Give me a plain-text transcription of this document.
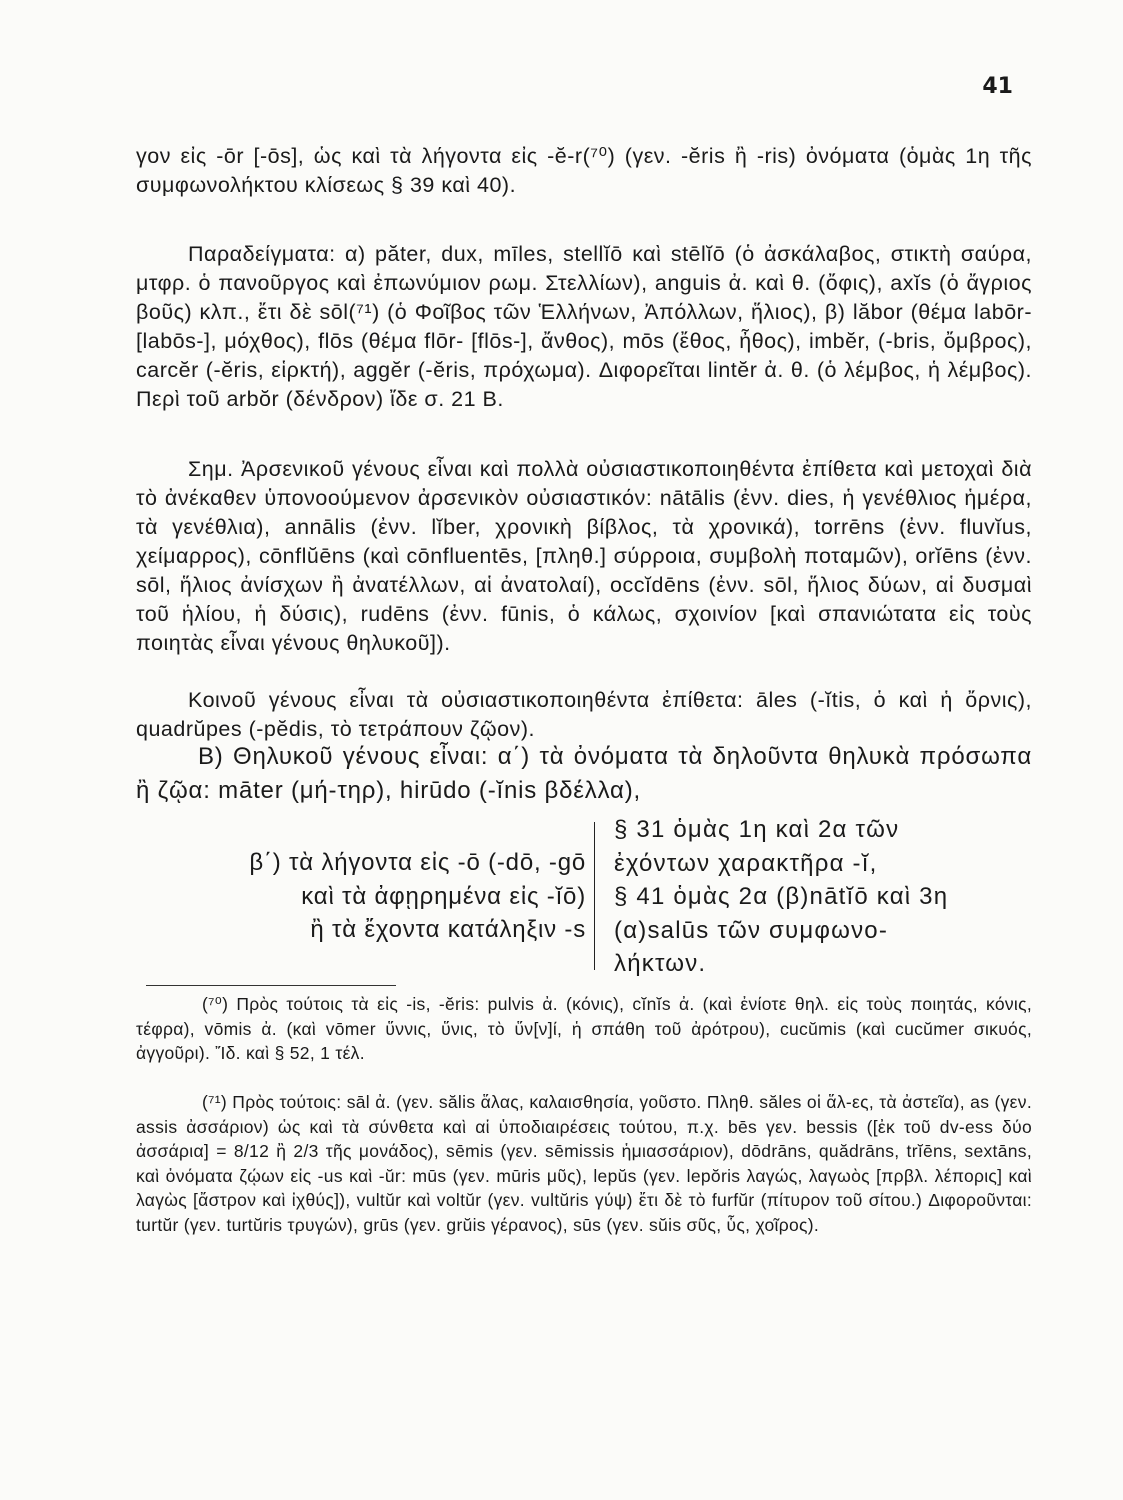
41

γον εἰς -ōr [-ōs], ὡς καὶ τὰ λήγοντα εἰς -ĕ-r(⁷⁰) (γεν. -ĕris ἢ -ris) ὀνόματα (ὁμὰς 1η τῆς συμφωνολήκτου κλίσεως § 39 καὶ 40).

Παραδείγματα: α) păter, dux, mīles, stellĭō καὶ stēlĭō (ὁ ἀσκάλαβος, στικτὴ σαύρα, μτφρ. ὁ πανοῦργος καὶ ἐπωνύμιον ρωμ. Στελλίων), anguis ἀ. καὶ θ. (ὄφις), axĭs (ὁ ἄγριος βοῦς) κλπ., ἔτι δὲ sōl(⁷¹) (ὁ Φοῖβος τῶν Ἑλλήνων, Ἀπόλλων, ἥλιος), β) lăbor (θέμα labōr- [labōs-], μόχθος), flōs (θέμα flōr- [flōs-], ἄνθος), mōs (ἔθος, ἦθος), imbĕr, (-bris, ὄμβρος), carcĕr (-ĕris, εἱρκτή), aggĕr (-ĕris, πρόχωμα). Διφορεῖται lintĕr ἀ. θ. (ὁ λέμβος, ἡ λέμβος). Περὶ τοῦ arbŏr (δένδρον) ἴδε σ. 21 Β.

Σημ. Ἀρσενικοῦ γένους εἶναι καὶ πολλὰ οὐσιαστικοποιηθέντα ἐπίθετα καὶ μετοχαὶ διὰ τὸ ἀνέκαθεν ὑπονοούμενον ἀρσενικὸν οὐσιαστικόν: nātālis (ἐνν. dies, ἡ γενέθλιος ἡμέρα, τὰ γενέθλια), annālis (ἐνν. lĭber, χρονικὴ βίβλος, τὰ χρονικά), torrēns (ἐνν. fluvĭus, χείμαρρος), cōnflŭēns (καὶ cōnfluentēs, [πληθ.] σύρροια, συμβολὴ ποταμῶν), orĭēns (ἐνν. sōl, ἥλιος ἀνίσχων ἢ ἀνατέλλων, αἱ ἀνατολαί), occĭdēns (ἐνν. sōl, ἥλιος δύων, αἱ δυσμαὶ τοῦ ἡλίου, ἡ δύσις), rudēns (ἐνν. fūnis, ὁ κάλως, σχοινίον [καὶ σπανιώτατα εἰς τοὺς ποιητὰς εἶναι γένους θηλυκοῦ]).

Κοινοῦ γένους εἶναι τὰ οὐσιαστικοποιηθέντα ἐπίθετα: āles (-ĭtis, ὁ καὶ ἡ ὄρνις), quadrŭpes (-pĕdis, τὸ τετράπουν ζῷον).

Β) Θηλυκοῦ γένους εἶναι: α΄) τὰ ὀνόματα τὰ δηλοῦντα θηλυκὰ πρόσωπα ἢ ζῷα: māter (μή-τηρ), hirūdo (-ĭnis βδέλλα),

β΄) τὰ λήγοντα εἰς -ō (-dō, -gō
καὶ τὰ ἀφῃρημένα εἰς -ĭō)
ἢ τὰ ἔχοντα κατάληξιν -s
§ 31 ὁμὰς 1η καὶ 2α τῶν
ἐχόντων χαρακτῆρα -ĭ,
§ 41 ὁμὰς 2α (β)nātĭō καὶ 3η
(α)salūs τῶν συμφωνο-
λήκτων.

(⁷⁰) Πρὸς τούτοις τὰ εἰς -is, -ĕris: pulvis ἀ. (κόνις), cĭnĭs ἀ. (καὶ ἐνίοτε θηλ. εἰς τοὺς ποιητάς, κόνις, τέφρα), vōmis ἀ. (καὶ vōmer ὕννις, ὕνις, τὸ ὕν[ν]ί, ἡ σπάθη τοῦ ἀρότρου), cucŭmis (καὶ cucŭmer σικυός, ἀγγοῦρι). Ἴδ. καὶ § 52, 1 τέλ.

(⁷¹) Πρὸς τούτοις: sāl ἀ. (γεν. sălis ἅλας, καλαισθησία, γοῦστο. Πληθ. săles οἱ ἅλ-ες, τὰ ἀστεῖα), as (γεν. assis ἀσσάριον) ὡς καὶ τὰ σύνθετα καὶ αἱ ὑποδιαιρέσεις τούτου, π.χ. bēs γεν. bessis ([ἐκ τοῦ dv-ess δύο ἀσσάρια] = 8/12 ἢ 2/3 τῆς μονάδος), sēmis (γεν. sēmissis ἡμιασσάριον), dōdrāns, quădrāns, trĭēns, sextāns, καὶ ὀνόματα ζῴων εἰς -us καὶ -ŭr: mūs (γεν. mūris μῦς), lepŭs (γεν. lepŏris λαγώς, λαγωὸς [πρβλ. λέπορις] καὶ λαγὼς [ἄστρον καὶ ἰχθύς]), vultŭr καὶ voltŭr (γεν. vultŭris γύψ) ἔτι δὲ τὸ furfŭr (πίτυρον τοῦ σίτου.) Διφοροῦνται: turtŭr (γεν. turtŭris τρυγών), grūs (γεν. grŭis γέρανος), sūs (γεν. sŭis σῦς, ὗς, χοῖρος).
